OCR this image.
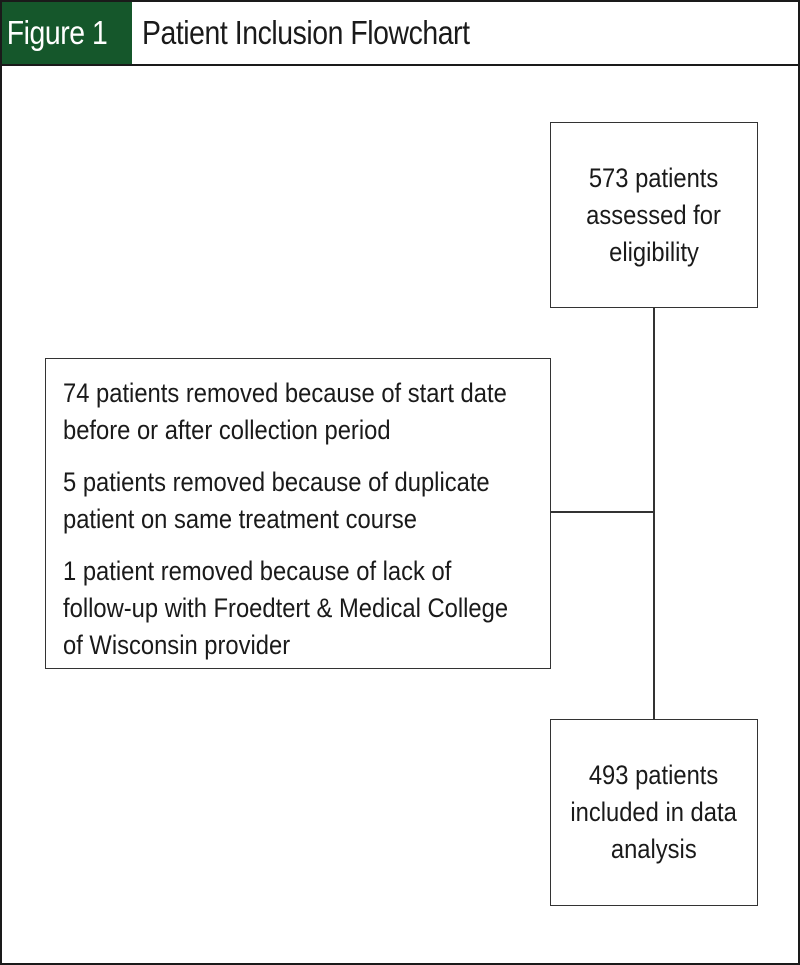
Figure 1 Patient Inclusion Flowchart
573 patients
assessed for
eligibility
74 patients removed because of start date
before or after collection period
5 patients removed because of duplicate
patient on same treatment course
1 patient removed because of lack of
follow-up with Froedtert & Medical College
of Wisconsin provider
493 patients
included in data
analysis
